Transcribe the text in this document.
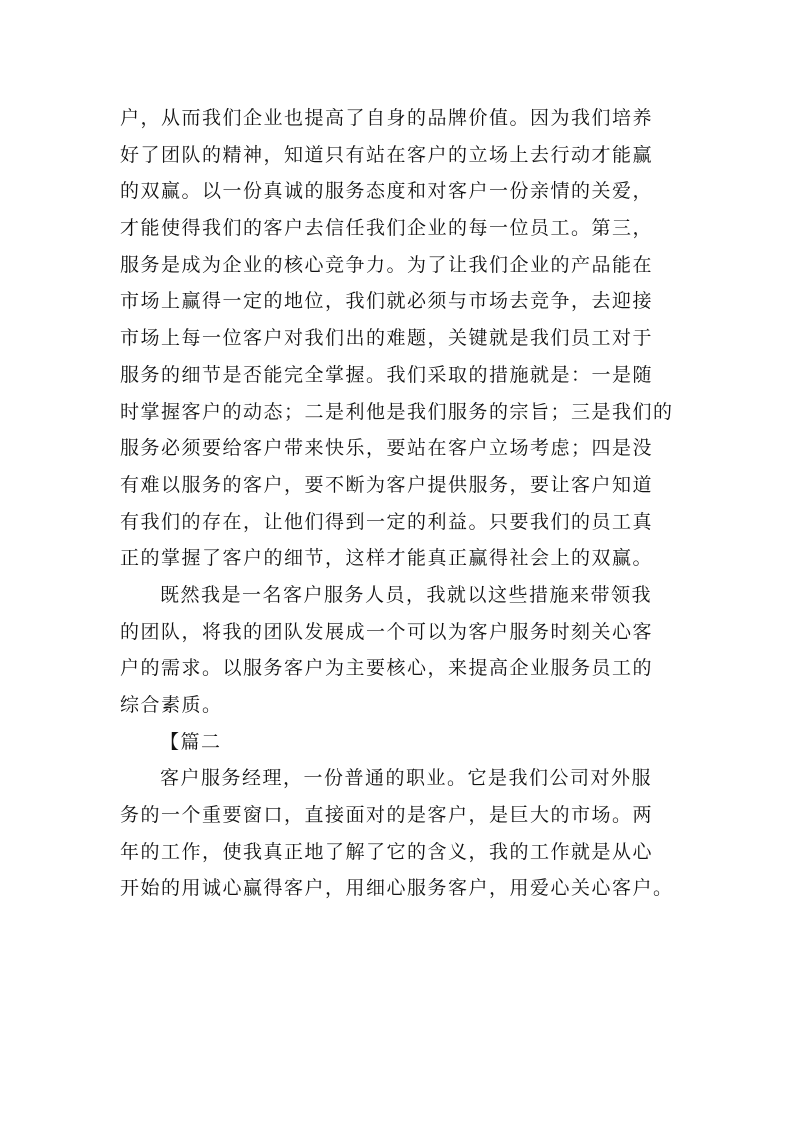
户，从而我们企业也提高了自身的品牌价值。因为我们培养
好了团队的精神，知道只有站在客户的立场上去行动才能赢
的双赢。以一份真诚的服务态度和对客户一份亲情的关爱，
才能使得我们的客户去信任我们企业的每一位员工。第三，
服务是成为企业的核心竞争力。为了让我们企业的产品能在
市场上赢得一定的地位，我们就必须与市场去竞争，去迎接
市场上每一位客户对我们出的难题，关键就是我们员工对于
服务的细节是否能完全掌握。我们采取的措施就是：一是随
时掌握客户的动态；二是利他是我们服务的宗旨；三是我们的
服务必须要给客户带来快乐，要站在客户立场考虑；四是没
有难以服务的客户，要不断为客户提供服务，要让客户知道
有我们的存在，让他们得到一定的利益。只要我们的员工真
正的掌握了客户的细节，这样才能真正赢得社会上的双赢。
既然我是一名客户服务人员，我就以这些措施来带领我
的团队，将我的团队发展成一个可以为客户服务时刻关心客
户的需求。以服务客户为主要核心，来提高企业服务员工的
综合素质。
【篇二
客户服务经理，一份普通的职业。它是我们公司对外服
务的一个重要窗口，直接面对的是客户，是巨大的市场。两
年的工作，使我真正地了解了它的含义，我的工作就是从心
开始的用诚心赢得客户，用细心服务客户，用爱心关心客户。
